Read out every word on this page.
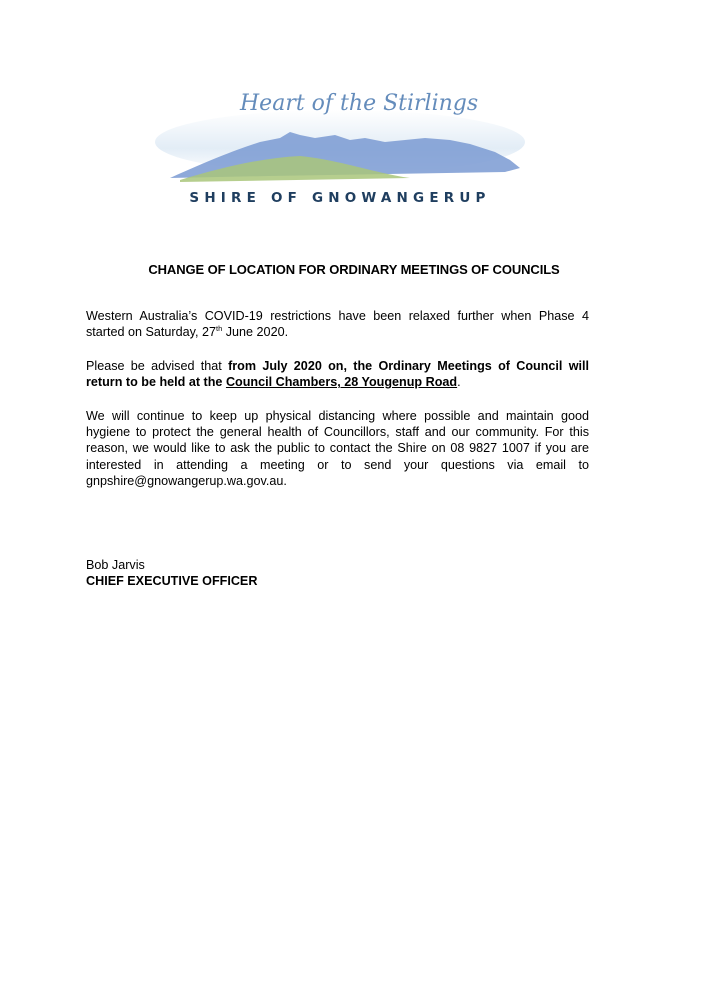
Heart of the Stirlings
SHIRE OF GNOWANGERUP
CHANGE OF LOCATION FOR ORDINARY MEETINGS OF COUNCILS
Western Australia’s COVID-19 restrictions have been relaxed further when Phase 4 started on Saturday, 27th June 2020.
Please be advised that from July 2020 on, the Ordinary Meetings of Council will return to be held at the Council Chambers, 28 Yougenup Road.
We will continue to keep up physical distancing where possible and maintain good hygiene to protect the general health of Councillors, staff and our community. For this reason, we would like to ask the public to contact the Shire on 08 9827 1007 if you are interested in attending a meeting or to send your questions via email to gnpshire@gnowangerup.wa.gov.au.
Bob Jarvis
CHIEF EXECUTIVE OFFICER
